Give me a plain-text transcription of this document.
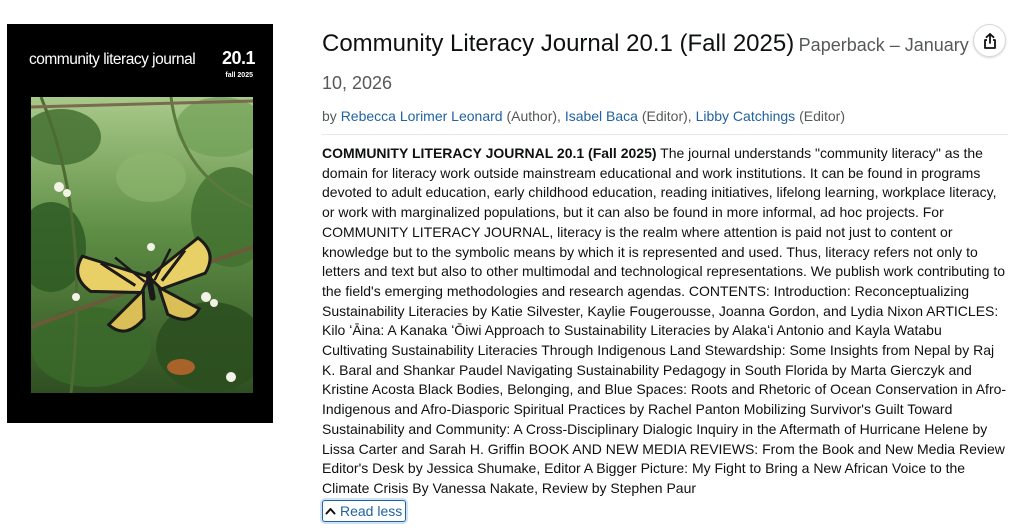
community literacy journal 20.1
fall 2025
Community Literacy Journal 20.1 (Fall 2025) Paperback – January 10, 2026
by Rebecca Lorimer Leonard (Author), Isabel Baca (Editor), Libby Catchings (Editor)
COMMUNITY LITERACY JOURNAL 20.1 (Fall 2025) The journal understands "community literacy" as the domain for literacy work outside mainstream educational and work institutions. It can be found in programs devoted to adult education, early childhood education, reading initiatives, lifelong learning, workplace literacy, or work with marginalized populations, but it can also be found in more informal, ad hoc projects. For COMMUNITY LITERACY JOURNAL, literacy is the realm where attention is paid not just to content or knowledge but to the symbolic means by which it is represented and used. Thus, literacy refers not only to letters and text but also to other multimodal and technological representations. We publish work contributing to the field's emerging methodologies and research agendas. CONTENTS: Introduction: Reconceptualizing Sustainability Literacies by Katie Silvester, Kaylie Fougerousse, Joanna Gordon, and Lydia Nixon ARTICLES: Kilo ʻĀina: A Kanaka ʻŌiwi Approach to Sustainability Literacies by Alakaʻi Antonio and Kayla Watabu Cultivating Sustainability Literacies Through Indigenous Land Stewardship: Some Insights from Nepal by Raj K. Baral and Shankar Paudel Navigating Sustainability Pedagogy in South Florida by Marta Gierczyk and Kristine Acosta Black Bodies, Belonging, and Blue Spaces: Roots and Rhetoric of Ocean Conservation in Afro-Indigenous and Afro-Diasporic Spiritual Practices by Rachel Panton Mobilizing Survivor's Guilt Toward Sustainability and Community: A Cross-Disciplinary Dialogic Inquiry in the Aftermath of Hurricane Helene by Lissa Carter and Sarah H. Griffin BOOK AND NEW MEDIA REVIEWS: From the Book and New Media Review Editor's Desk by Jessica Shumake, Editor A Bigger Picture: My Fight to Bring a New African Voice to the Climate Crisis By Vanessa Nakate, Review by Stephen Paur
Read less
